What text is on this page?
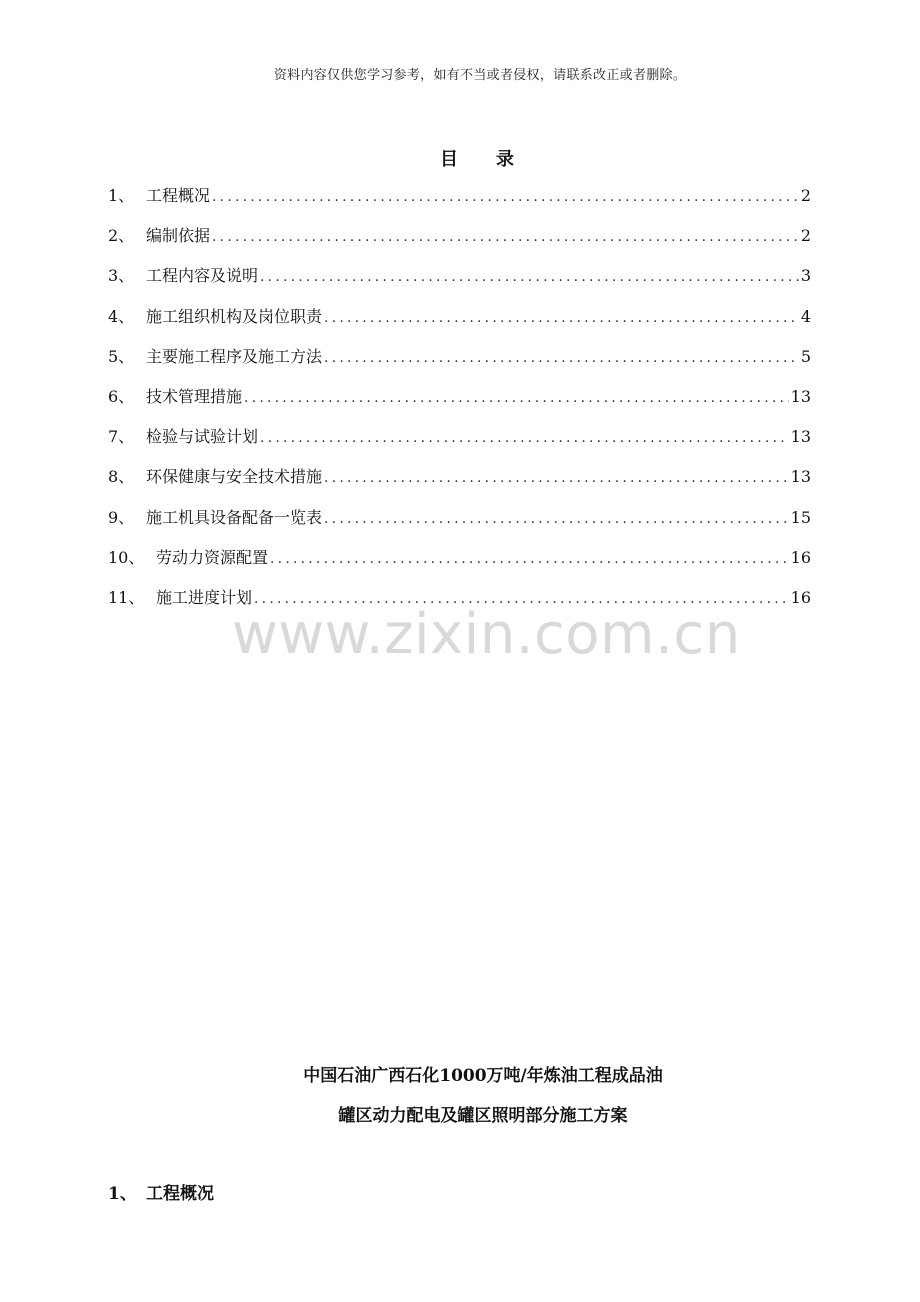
资料内容仅供您学习参考，如有不当或者侵权，请联系改正或者删除。
目 录
1、 工程概况 .....	2
2、 编制依据 .....	2
3、 工程内容及说明 .....	3
4、 施工组织机构及岗位职责 .....	4
5、 主要施工程序及施工方法 .....	5
6、 技术管理措施 .....	13
7、 检验与试验计划 .....	13
8、 环保健康与安全技术措施 .....	13
9、 施工机具设备配备一览表 .....	15
10、 劳动力资源配置 .....	16
11、 施工进度计划 .....	16
www.zixin.com.cn
中国石油广西石化1000万吨/年炼油工程成品油
罐区动力配电及罐区照明部分施工方案
1、 工程概况
